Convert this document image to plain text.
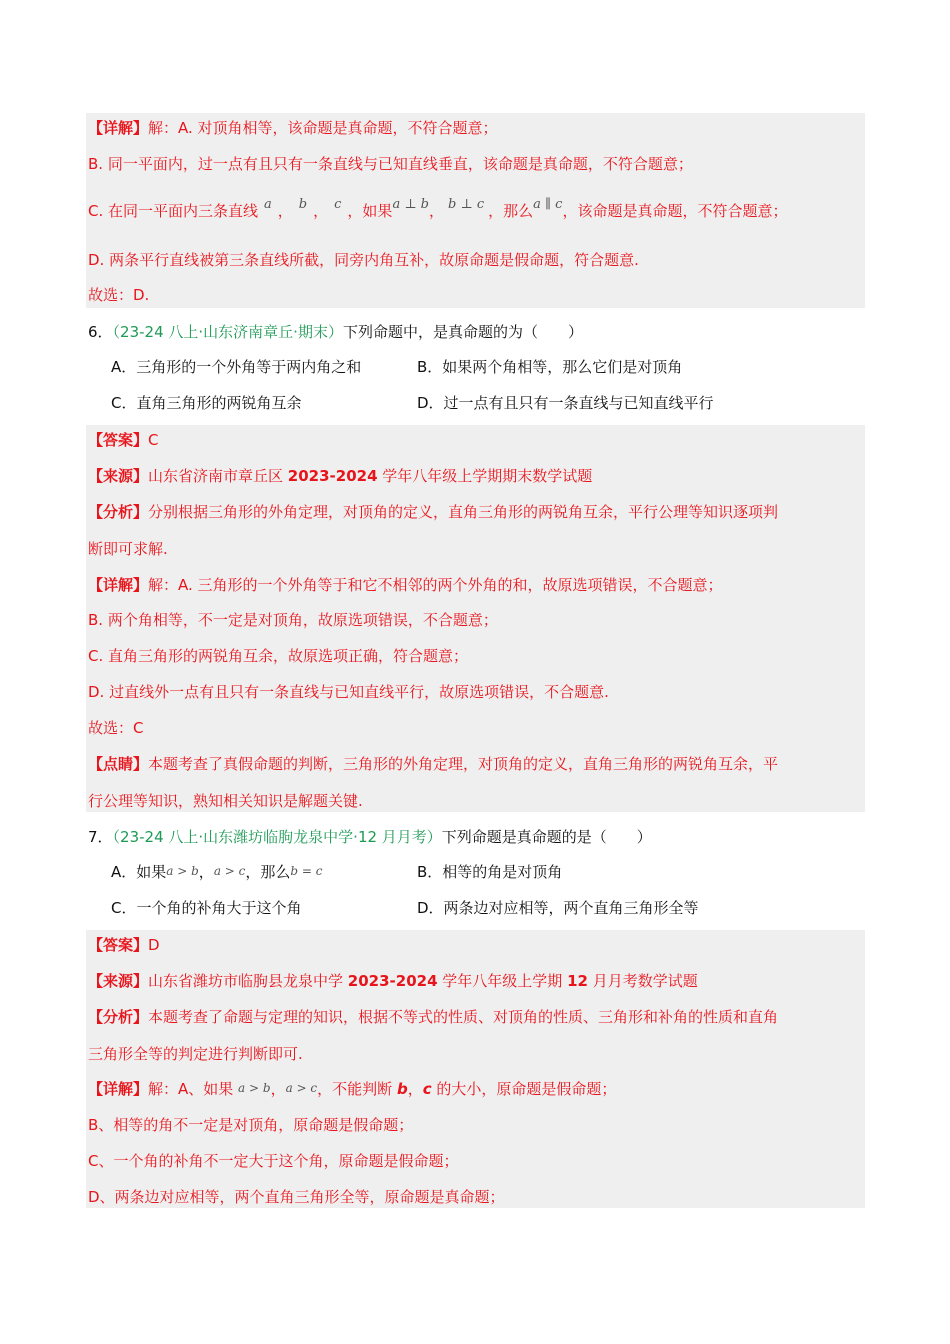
【详解】解：A. 对顶角相等，该命题是真命题，不符合题意；
B. 同一平面内，过一点有且只有一条直线与已知直线垂直，该命题是真命题，不符合题意；
C. 在同一平面内三条直线 a ， b ， c ，如果a ⊥ b， b ⊥ c ，那么a ∥ c，该命题是真命题，不符合题意；
D. 两条平行直线被第三条直线所截，同旁内角互补，故原命题是假命题，符合题意.
故选：D.
6．（23-24 八上·山东济南章丘·期末）下列命题中，是真命题的为（　　）
A．三角形的一个外角等于两内角之和	B．如果两个角相等，那么它们是对顶角
C．直角三角形的两锐角互余	D．过一点有且只有一条直线与已知直线平行
【答案】C
【来源】山东省济南市章丘区 2023-2024 学年八年级上学期期末数学试题
【分析】分别根据三角形的外角定理，对顶角的定义，直角三角形的两锐角互余，平行公理等知识逐项判
断即可求解.
【详解】解：A. 三角形的一个外角等于和它不相邻的两个外角的和，故原选项错误，不合题意；
B. 两个角相等，不一定是对顶角，故原选项错误，不合题意；
C. 直角三角形的两锐角互余，故原选项正确，符合题意；
D. 过直线外一点有且只有一条直线与已知直线平行，故原选项错误，不合题意.
故选：C
【点睛】本题考查了真假命题的判断，三角形的外角定理，对顶角的定义，直角三角形的两锐角互余，平
行公理等知识，熟知相关知识是解题关键.
7．（23-24 八上·山东潍坊临朐龙泉中学·12 月月考）下列命题是真命题的是（　　）
A．如果a > b，a > c，那么b = c	B．相等的角是对顶角
C．一个角的补角大于这个角	D．两条边对应相等，两个直角三角形全等
【答案】D
【来源】山东省潍坊市临朐县龙泉中学 2023-2024 学年八年级上学期 12 月月考数学试题
【分析】本题考查了命题与定理的知识，根据不等式的性质、对顶角的性质、三角形和补角的性质和直角
三角形全等的判定进行判断即可.
【详解】解：A、如果 a > b，a > c，不能判断 b，c 的大小，原命题是假命题；
B、相等的角不一定是对顶角，原命题是假命题；
C、一个角的补角不一定大于这个角，原命题是假命题；
D、两条边对应相等，两个直角三角形全等，原命题是真命题；
